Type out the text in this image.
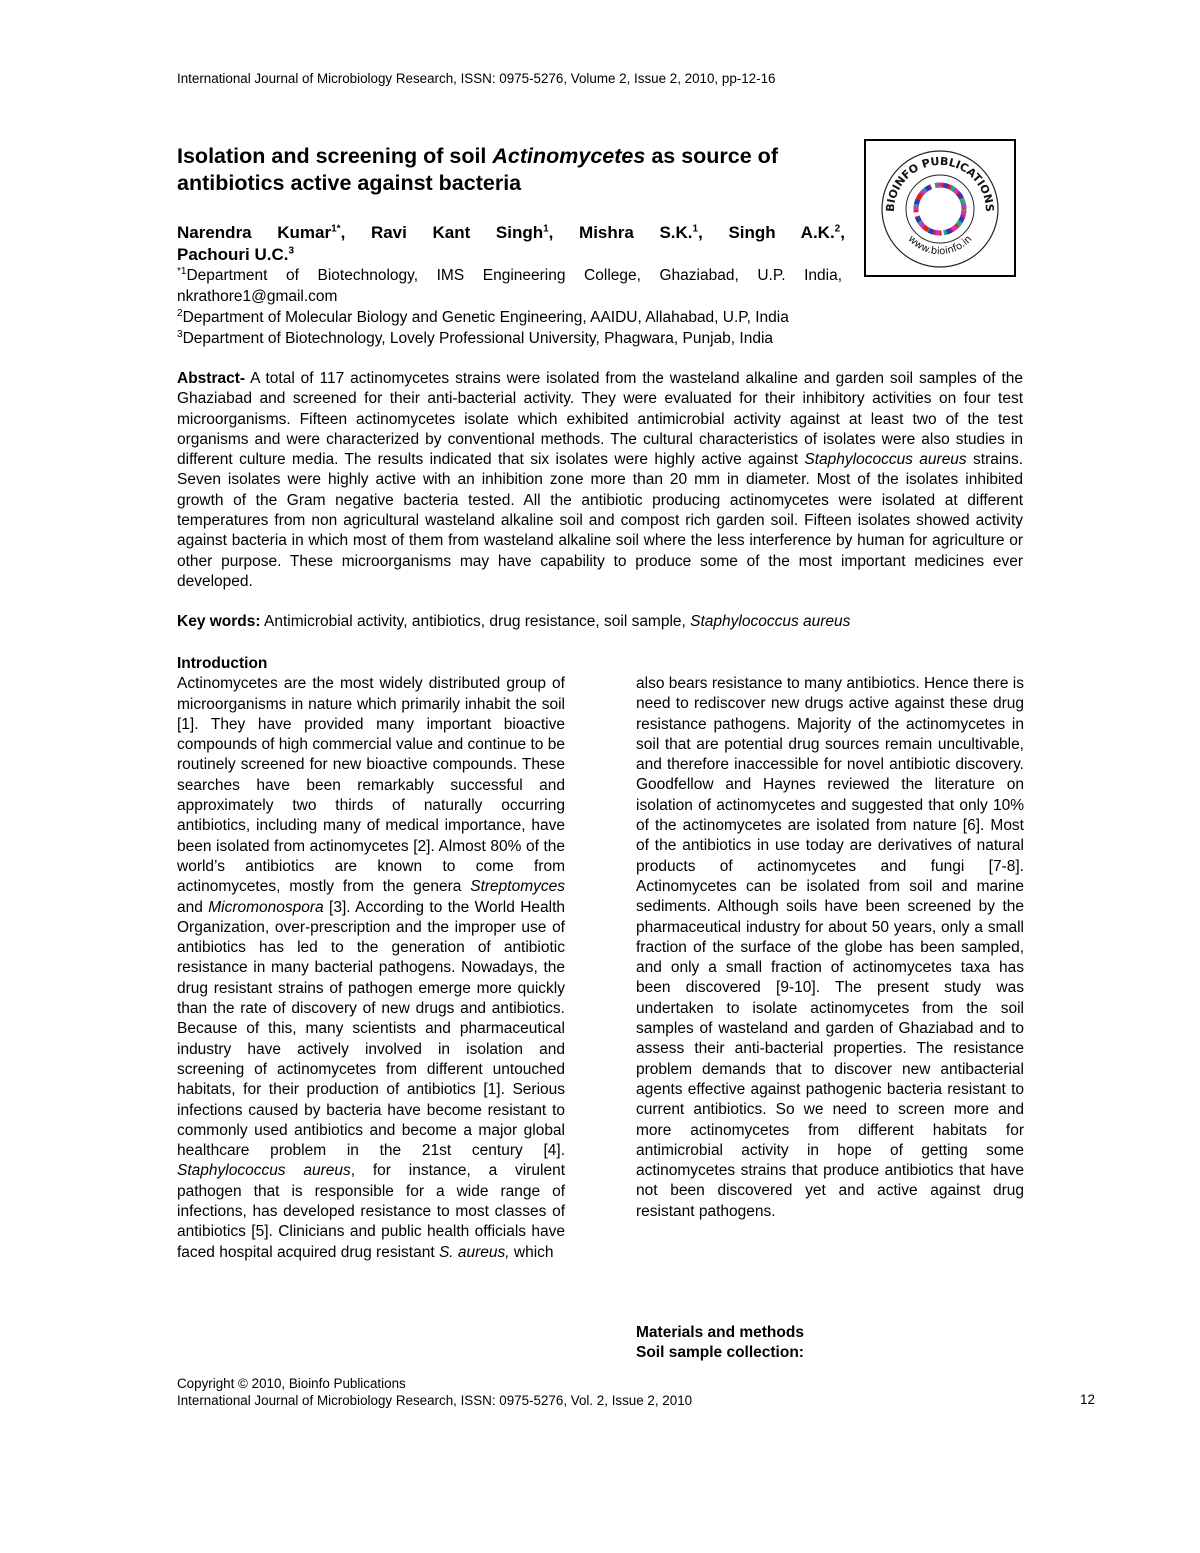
International Journal of Microbiology Research, ISSN: 0975-5276, Volume 2, Issue 2, 2010, pp-12-16
Isolation and screening of soil Actinomycetes as source of antibiotics active against bacteria
Narendra Kumar$^{1*}$, Ravi Kant Singh$^1$, Mishra S.K.$^1$, Singh A.K.$^2$,
Pachouri U.C.$^3$
$^{*1}$Department of Biotechnology, IMS Engineering College, Ghaziabad, U.P. India,
nkrathore1@gmail.com
$^2$Department of Molecular Biology and Genetic Engineering, AAIDU, Allahabad, U.P, India
$^3$Department of Biotechnology, Lovely Professional University, Phagwara, Punjab, India
BIOINFO PUBLICATIONS
www.bioinfo.in
Abstract- A total of 117 actinomycetes strains were isolated from the wasteland alkaline and garden soil samples of the Ghaziabad and screened for their anti-bacterial activity. They were evaluated for their inhibitory activities on four test microorganisms. Fifteen actinomycetes isolate which exhibited antimicrobial activity against at least two of the test organisms and were characterized by conventional methods. The cultural characteristics of isolates were also studies in different culture media. The results indicated that six isolates were highly active against Staphylococcus aureus strains. Seven isolates were highly active with an inhibition zone more than 20 mm in diameter. Most of the isolates inhibited growth of the Gram negative bacteria tested. All the antibiotic producing actinomycetes were isolated at different temperatures from non agricultural wasteland alkaline soil and compost rich garden soil. Fifteen isolates showed activity against bacteria in which most of them from wasteland alkaline soil where the less interference by human for agriculture or other purpose. These microorganisms may have capability to produce some of the most important medicines ever developed.
Key words: Antimicrobial activity, antibiotics, drug resistance, soil sample, Staphylococcus aureus
Introduction

Actinomycetes are the most widely distributed group of microorganisms in nature which primarily inhabit the soil [1]. They have provided many important bioactive compounds of high commercial value and continue to be routinely screened for new bioactive compounds. These searches have been remarkably successful and approximately two thirds of naturally occurring antibiotics, including many of medical importance, have been isolated from actinomycetes [2]. Almost 80% of the world’s antibiotics are known to come from actinomycetes, mostly from the genera Streptomyces and Micromonospora [3]. According to the World Health Organization, over-prescription and the improper use of antibiotics has led to the generation of antibiotic resistance in many bacterial pathogens. Nowadays, the drug resistant strains of pathogen emerge more quickly than the rate of discovery of new drugs and antibiotics. Because of this, many scientists and pharmaceutical industry have actively involved in isolation and screening of actinomycetes from different untouched habitats, for their production of antibiotics [1]. Serious infections caused by bacteria have become resistant to commonly used antibiotics and become a major global healthcare problem in the 21st century [4]. Staphylococcus aureus, for instance, a virulent pathogen that is responsible for a wide range of infections, has developed resistance to most classes of antibiotics [5]. Clinicians and public health officials have faced hospital acquired drug resistant S. aureus, which

also bears resistance to many antibiotics. Hence there is need to rediscover new drugs active against these drug resistance pathogens. Majority of the actinomycetes in soil that are potential drug sources remain uncultivable, and therefore inaccessible for novel antibiotic discovery. Goodfellow and Haynes reviewed the literature on isolation of actinomycetes and suggested that only 10% of the actinomycetes are isolated from nature [6]. Most of the antibiotics in use today are derivatives of natural products of actinomycetes and fungi [7-8]. Actinomycetes can be isolated from soil and marine sediments. Although soils have been screened by the pharmaceutical industry for about 50 years, only a small fraction of the surface of the globe has been sampled, and only a small fraction of actinomycetes taxa has been discovered [9-10]. The present study was undertaken to isolate actinomycetes from the soil samples of wasteland and garden of Ghaziabad and to assess their anti-bacterial properties. The resistance problem demands that to discover new antibacterial agents effective against pathogenic bacteria resistant to current antibiotics. So we need to screen more and more actinomycetes from different habitats for antimicrobial activity in hope of getting some actinomycetes strains that produce antibiotics that have not been discovered yet and active against drug resistant pathogens.

Materials and methods
Soil sample collection:
Copyright © 2010, Bioinfo Publications
International Journal of Microbiology Research, ISSN: 0975-5276, Vol. 2, Issue 2, 2010	12
